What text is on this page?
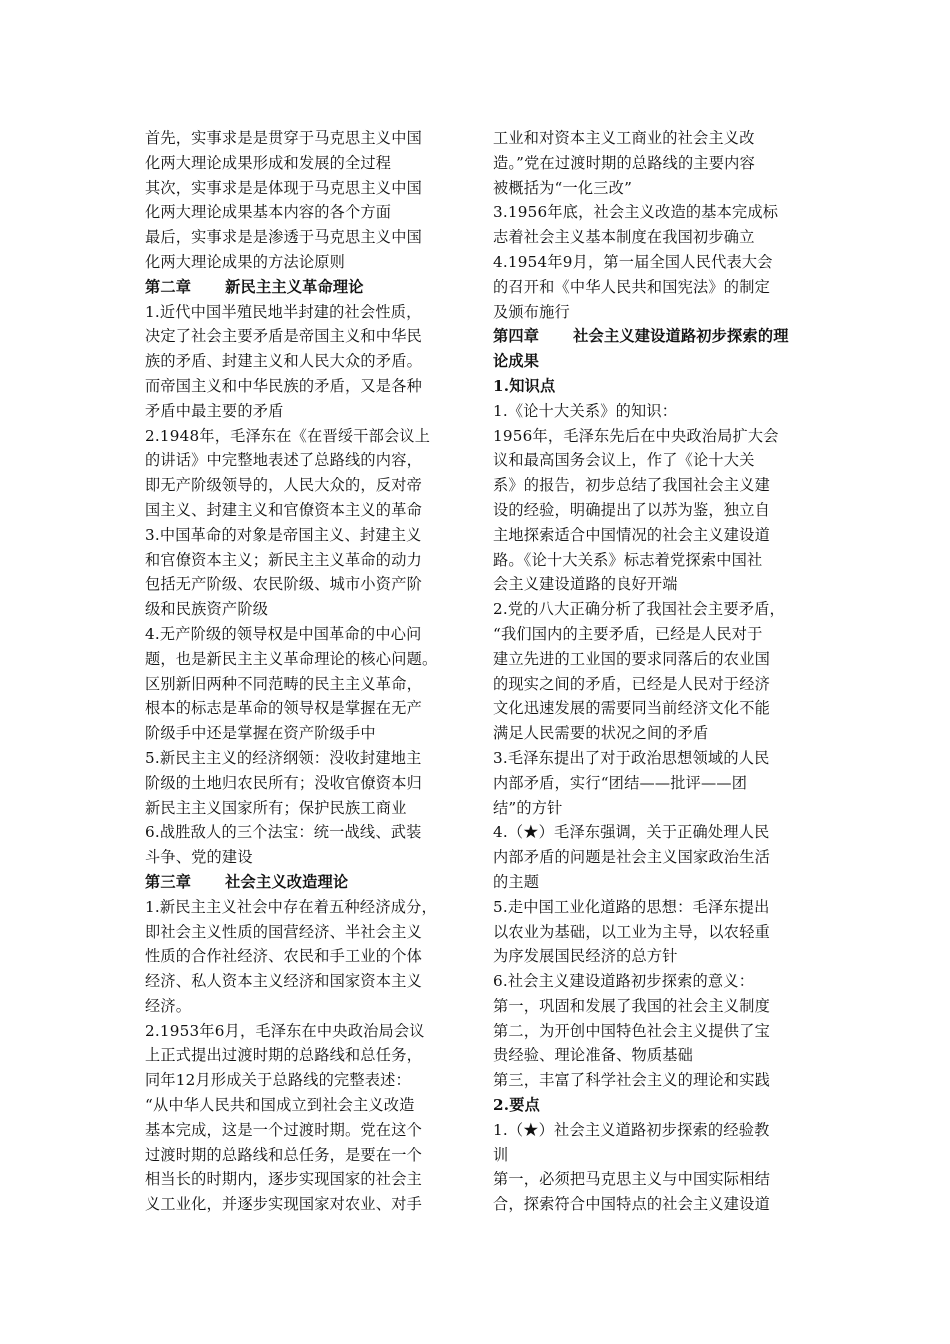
首先，实事求是是贯穿于马克思主义中国
化两大理论成果形成和发展的全过程
其次，实事求是是体现于马克思主义中国
化两大理论成果基本内容的各个方面
最后，实事求是是渗透于马克思主义中国
化两大理论成果的方法论原则
第二章 新民主主义革命理论
1.近代中国半殖民地半封建的社会性质，
决定了社会主要矛盾是帝国主义和中华民
族的矛盾、封建主义和人民大众的矛盾。
而帝国主义和中华民族的矛盾，又是各种
矛盾中最主要的矛盾
2.1948年，毛泽东在《在晋绥干部会议上
的讲话》中完整地表述了总路线的内容，
即无产阶级领导的，人民大众的，反对帝
国主义、封建主义和官僚资本主义的革命
3.中国革命的对象是帝国主义、封建主义
和官僚资本主义；新民主主义革命的动力
包括无产阶级、农民阶级、城市小资产阶
级和民族资产阶级
4.无产阶级的领导权是中国革命的中心问
题，也是新民主主义革命理论的核心问题。
区别新旧两种不同范畴的民主主义革命，
根本的标志是革命的领导权是掌握在无产
阶级手中还是掌握在资产阶级手中
5.新民主主义的经济纲领：没收封建地主
阶级的土地归农民所有；没收官僚资本归
新民主主义国家所有；保护民族工商业
6.战胜敌人的三个法宝：统一战线、武装
斗争、党的建设
第三章 社会主义改造理论
1.新民主主义社会中存在着五种经济成分，
即社会主义性质的国营经济、半社会主义
性质的合作社经济、农民和手工业的个体
经济、私人资本主义经济和国家资本主义
经济。
2.1953年6月，毛泽东在中央政治局会议
上正式提出过渡时期的总路线和总任务，
同年12月形成关于总路线的完整表述：
“从中华人民共和国成立到社会主义改造
基本完成，这是一个过渡时期。党在这个
过渡时期的总路线和总任务，是要在一个
相当长的时期内，逐步实现国家的社会主
义工业化，并逐步实现国家对农业、对手
工业和对资本主义工商业的社会主义改
造。”党在过渡时期的总路线的主要内容
被概括为“一化三改”
3.1956年底，社会主义改造的基本完成标
志着社会主义基本制度在我国初步确立
4.1954年9月，第一届全国人民代表大会
的召开和《中华人民共和国宪法》的制定
及颁布施行
第四章 社会主义建设道路初步探索的理
论成果
1.知识点
1.《论十大关系》的知识：
1956年，毛泽东先后在中央政治局扩大会
议和最高国务会议上，作了《论十大关
系》的报告，初步总结了我国社会主义建
设的经验，明确提出了以苏为鉴，独立自
主地探索适合中国情况的社会主义建设道
路。《论十大关系》标志着党探索中国社
会主义建设道路的良好开端
2.党的八大正确分析了我国社会主要矛盾，
“我们国内的主要矛盾，已经是人民对于
建立先进的工业国的要求同落后的农业国
的现实之间的矛盾，已经是人民对于经济
文化迅速发展的需要同当前经济文化不能
满足人民需要的状况之间的矛盾
3.毛泽东提出了对于政治思想领域的人民
内部矛盾，实行“团结——批评——团
结”的方针
4.（★）毛泽东强调，关于正确处理人民
内部矛盾的问题是社会主义国家政治生活
的主题
5.走中国工业化道路的思想：毛泽东提出
以农业为基础，以工业为主导，以农轻重
为序发展国民经济的总方针
6.社会主义建设道路初步探索的意义：
第一，巩固和发展了我国的社会主义制度
第二，为开创中国特色社会主义提供了宝
贵经验、理论准备、物质基础
第三，丰富了科学社会主义的理论和实践
2.要点
1.（★）社会主义道路初步探索的经验教
训
第一，必须把马克思主义与中国实际相结
合，探索符合中国特点的社会主义建设道
